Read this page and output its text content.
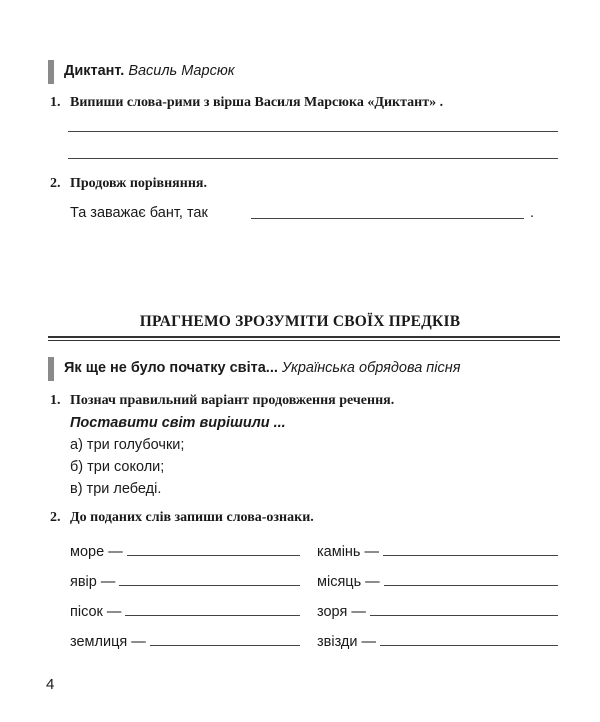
Диктант. Василь Марсюк
1. Випиши слова-рими з вірша Василя Марсюка «Диктант» .
2. Продовж порівняння.
Та заважає бант, так	.
ПРАГНЕМО ЗРОЗУМІТИ СВОЇХ ПРЕДКІВ
Як ще не було початку світа... Українська обрядова пісня
1. Познач правильний варіант продовження речення.
Поставити світ вирішили ...
а) три голубочки;
б) три соколи;
в) три лебеді.
2. До поданих слів запиши слова-ознаки.
море —
явір —
пісок —
землиця —
камінь —
місяць —
зоря —
звізди —
4
